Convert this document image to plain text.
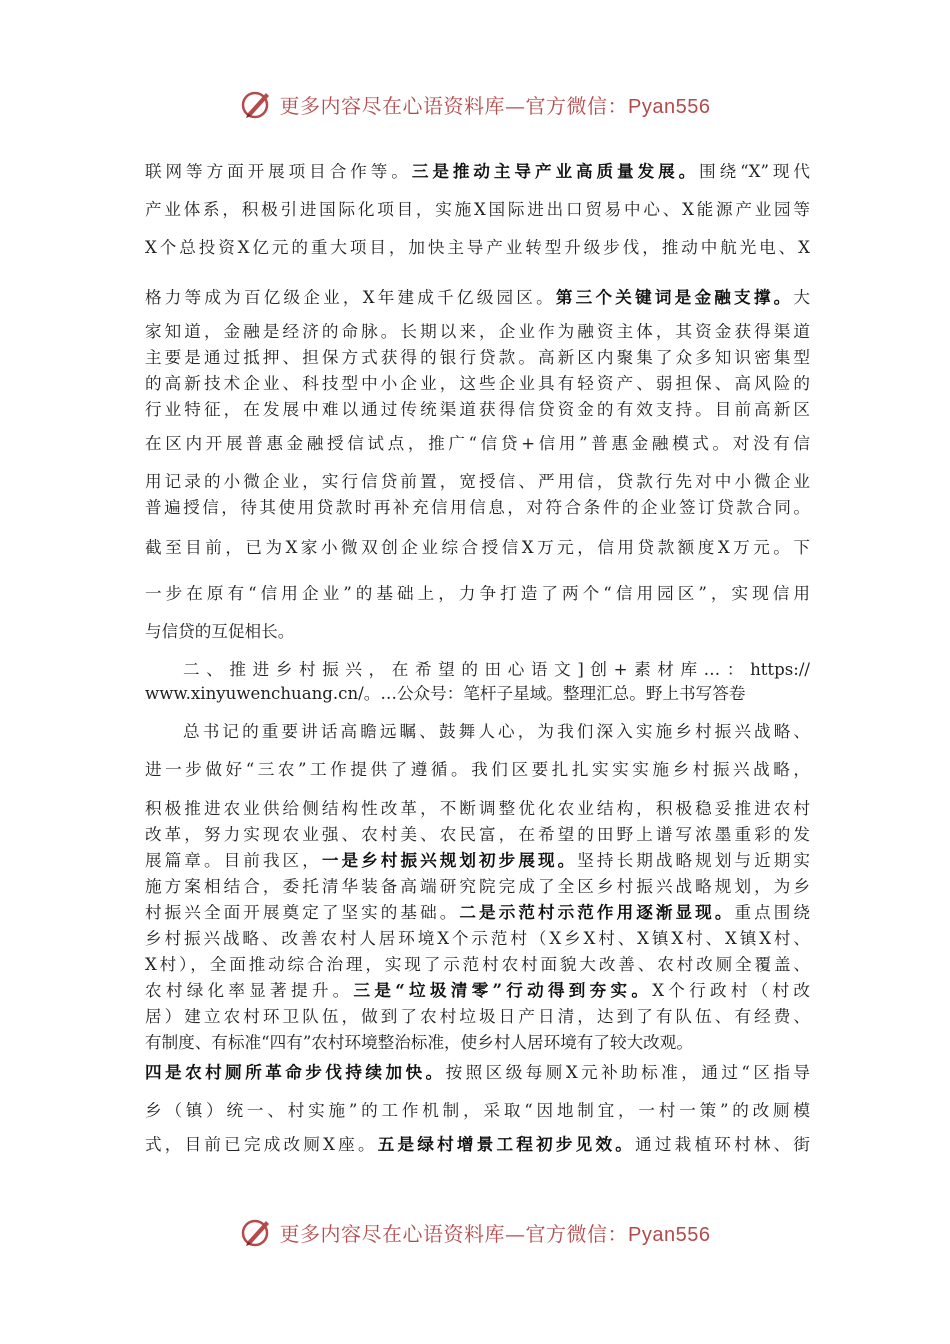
更多内容尽在心语资料库—官方微信：Pyan556
联网等方面开展项目合作等。三是推动主导产业高质量发展。围绕“X”现代
产业体系，积极引进国际化项目，实施X国际进出口贸易中心、X能源产业园等
X个总投资X亿元的重大项目，加快主导产业转型升级步伐，推动中航光电、X
格力等成为百亿级企业，X年建成千亿级园区。第三个关键词是金融支撑。大
家知道，金融是经济的命脉。长期以来，企业作为融资主体，其资金获得渠道
主要是通过抵押、担保方式获得的银行贷款。高新区内聚集了众多知识密集型
的高新技术企业、科技型中小企业，这些企业具有轻资产、弱担保、高风险的
行业特征，在发展中难以通过传统渠道获得信贷资金的有效支持。目前高新区
在区内开展普惠金融授信试点，推广“信贷+信用”普惠金融模式。对没有信
用记录的小微企业，实行信贷前置，宽授信、严用信，贷款行先对中小微企业
普遍授信，待其使用贷款时再补充信用信息，对符合条件的企业签订贷款合同。
截至目前，已为X家小微双创企业综合授信X万元，信用贷款额度X万元。下
一步在原有“信用企业”的基础上，力争打造了两个“信用园区”，实现信用
与信贷的互促相长。
二、推进乡村振兴，在希望的田心语文]创+素材库…：https://
www.xinyuwenchuang.cn/。…公众号：笔杆子星域。整理汇总。野上书写答卷
总书记的重要讲话高瞻远瞩、鼓舞人心，为我们深入实施乡村振兴战略、
进一步做好“三农”工作提供了遵循。我们区要扎扎实实实施乡村振兴战略，
积极推进农业供给侧结构性改革，不断调整优化农业结构，积极稳妥推进农村
改革，努力实现农业强、农村美、农民富，在希望的田野上谱写浓墨重彩的发
展篇章。目前我区，一是乡村振兴规划初步展现。坚持长期战略规划与近期实
施方案相结合，委托清华装备高端研究院完成了全区乡村振兴战略规划，为乡
村振兴全面开展奠定了坚实的基础。二是示范村示范作用逐渐显现。重点围绕
乡村振兴战略、改善农村人居环境X个示范村（X乡X村、X镇X村、X镇X村、
X村），全面推动综合治理，实现了示范村农村面貌大改善、农村改厕全覆盖、
农村绿化率显著提升。三是“垃圾清零”行动得到夯实。X个行政村（村改
居）建立农村环卫队伍，做到了农村垃圾日产日清，达到了有队伍、有经费、
有制度、有标准“四有”农村环境整治标准，使乡村人居环境有了较大改观。
四是农村厕所革命步伐持续加快。按照区级每厕X元补助标准，通过“区指导
乡（镇）统一、村实施”的工作机制，采取“因地制宜，一村一策”的改厕模
式，目前已完成改厕X座。五是绿村增景工程初步见效。通过栽植环村林、街
更多内容尽在心语资料库—官方微信：Pyan556
